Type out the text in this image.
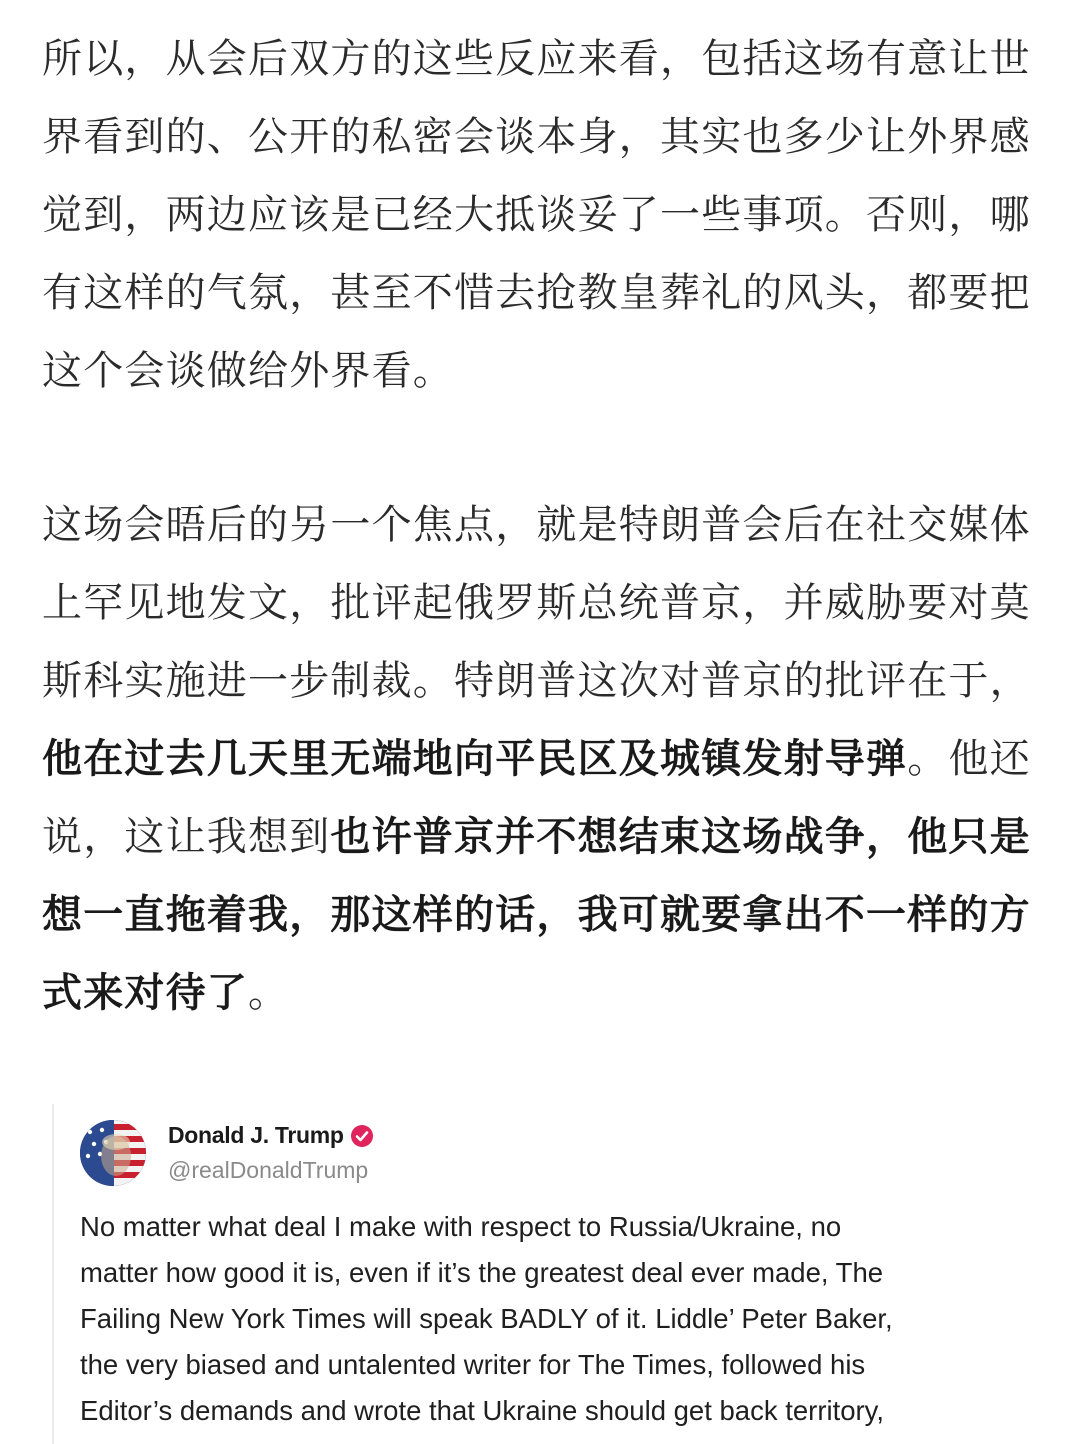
所以，从会后双方的这些反应来看，包括这场有意让世界看到的、公开的私密会谈本身，其实也多少让外界感觉到，两边应该是已经大抵谈妥了一些事项。否则，哪有这样的气氛，甚至不惜去抢教皇葬礼的风头，都要把这个会谈做给外界看。

这场会晤后的另一个焦点，就是特朗普会后在社交媒体上罕见地发文，批评起俄罗斯总统普京，并威胁要对莫斯科实施进一步制裁。特朗普这次对普京的批评在于，他在过去几天里无端地向平民区及城镇发射导弹。他还说，这让我想到也许普京并不想结束这场战争，他只是想一直拖着我，那这样的话，我可就要拿出不一样的方式来对待了。

Donald J. Trump
@realDonaldTrump

No matter what deal I make with respect to Russia/Ukraine, no
matter how good it is, even if it’s the greatest deal ever made, The
Failing New York Times will speak BADLY of it. Liddle’ Peter Baker,
the very biased and untalented writer for The Times, followed his
Editor’s demands and wrote that Ukraine should get back territory,
